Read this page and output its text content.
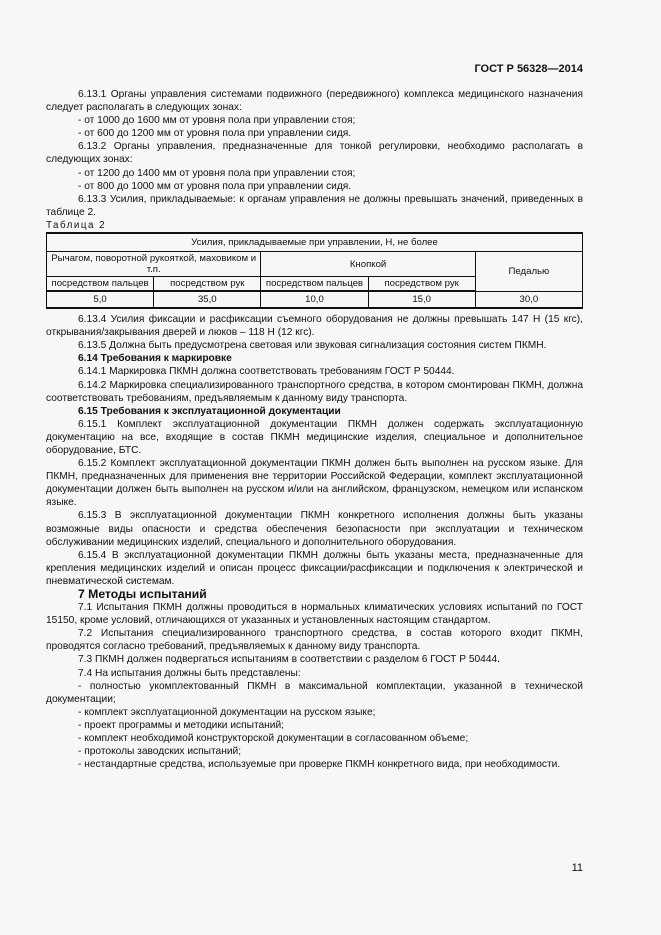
ГОСТ Р 56328—2014

6.13.1 Органы управления системами подвижного (передвижного) комплекса медицинского назначения следует располагать в следующих зонах:

- от 1000 до 1600 мм от уровня пола при управлении стоя;

- от 600 до 1200 мм от уровня пола при управлении сидя.

6.13.2 Органы управления, предназначенные для тонкой регулировки, необходимо располагать в следующих зонах:

- от 1200 до 1400 мм от уровня пола при управлении стоя;

- от 800 до 1000 мм от уровня пола при управлении сидя.

6.13.3 Усилия, прикладываемые: к органам управления не должны превышать значений, приведенных в таблице 2.

Таблица 2

Усилия, прикладываемые при управлении, Н, не более				
Рычагом, поворотной рукояткой, маховиком и т.п.		Кнопкой		Педалью
посредством пальцев	посредством рук	посредством пальцев	посредством рук	
5,0	35,0	10,0	15,0	30,0

6.13.4 Усилия фиксации и расфиксации съемного оборудования не должны превышать 147 Н (15 кгс), открывания/закрывания дверей и люков – 118 Н (12 кгс).

6.13.5 Должна быть предусмотрена световая или звуковая сигнализация состояния систем ПКМН.

6.14 Требования к маркировке

6.14.1 Маркировка ПКМН должна соответствовать требованиям ГОСТ Р 50444.

6.14.2 Маркировка специализированного транспортного средства, в котором смонтирован ПКМН, должна соответствовать требованиям, предъявляемым к данному виду транспорта.

6.15 Требования к эксплуатационной документации

6.15.1 Комплект эксплуатационной документации ПКМН должен содержать эксплуатационную документацию на все, входящие в состав ПКМН медицинские изделия, специальное и дополнительное оборудование, БТС.

6.15.2 Комплект эксплуатационной документации ПКМН должен быть выполнен на русском языке. Для ПКМН, предназначенных для применения вне территории Российской Федерации, комплект эксплуатационной документации должен быть выполнен на русском и/или на английском, французском, немецком или испанском языке.

6.15.3 В эксплуатационной документации ПКМН конкретного исполнения должны быть указаны возможные виды опасности и средства обеспечения безопасности при эксплуатации и техническом обслуживании медицинских изделий, специального и дополнительного оборудования.

6.15.4 В эксплуатационной документации ПКМН должны быть указаны места, предназначенные для крепления медицинских изделий и описан процесс фиксации/расфиксации и подключения к электрической и пневматической системам.

7 Методы испытаний

7.1 Испытания ПКМН должны проводиться в нормальных климатических условиях испытаний по ГОСТ 15150, кроме условий, отличающихся от указанных и установленных настоящим стандартом.

7.2 Испытания специализированного транспортного средства, в состав которого входит ПКМН, проводятся согласно требований, предъявляемых к данному виду транспорта.

7.3 ПКМН должен подвергаться испытаниям в соответствии с разделом 6 ГОСТ Р 50444.

7.4 На испытания должны быть представлены:

- полностью укомплектованный ПКМН в максимальной комплектации, указанной в технической документации;

- комплект эксплуатационной документации на русском языке;

- проект программы и методики испытаний;

- комплект необходимой конструкторской документации в согласованном объеме;

- протоколы заводских испытаний;

- нестандартные средства, используемые при проверке ПКМН конкретного вида, при необходимости.

11
